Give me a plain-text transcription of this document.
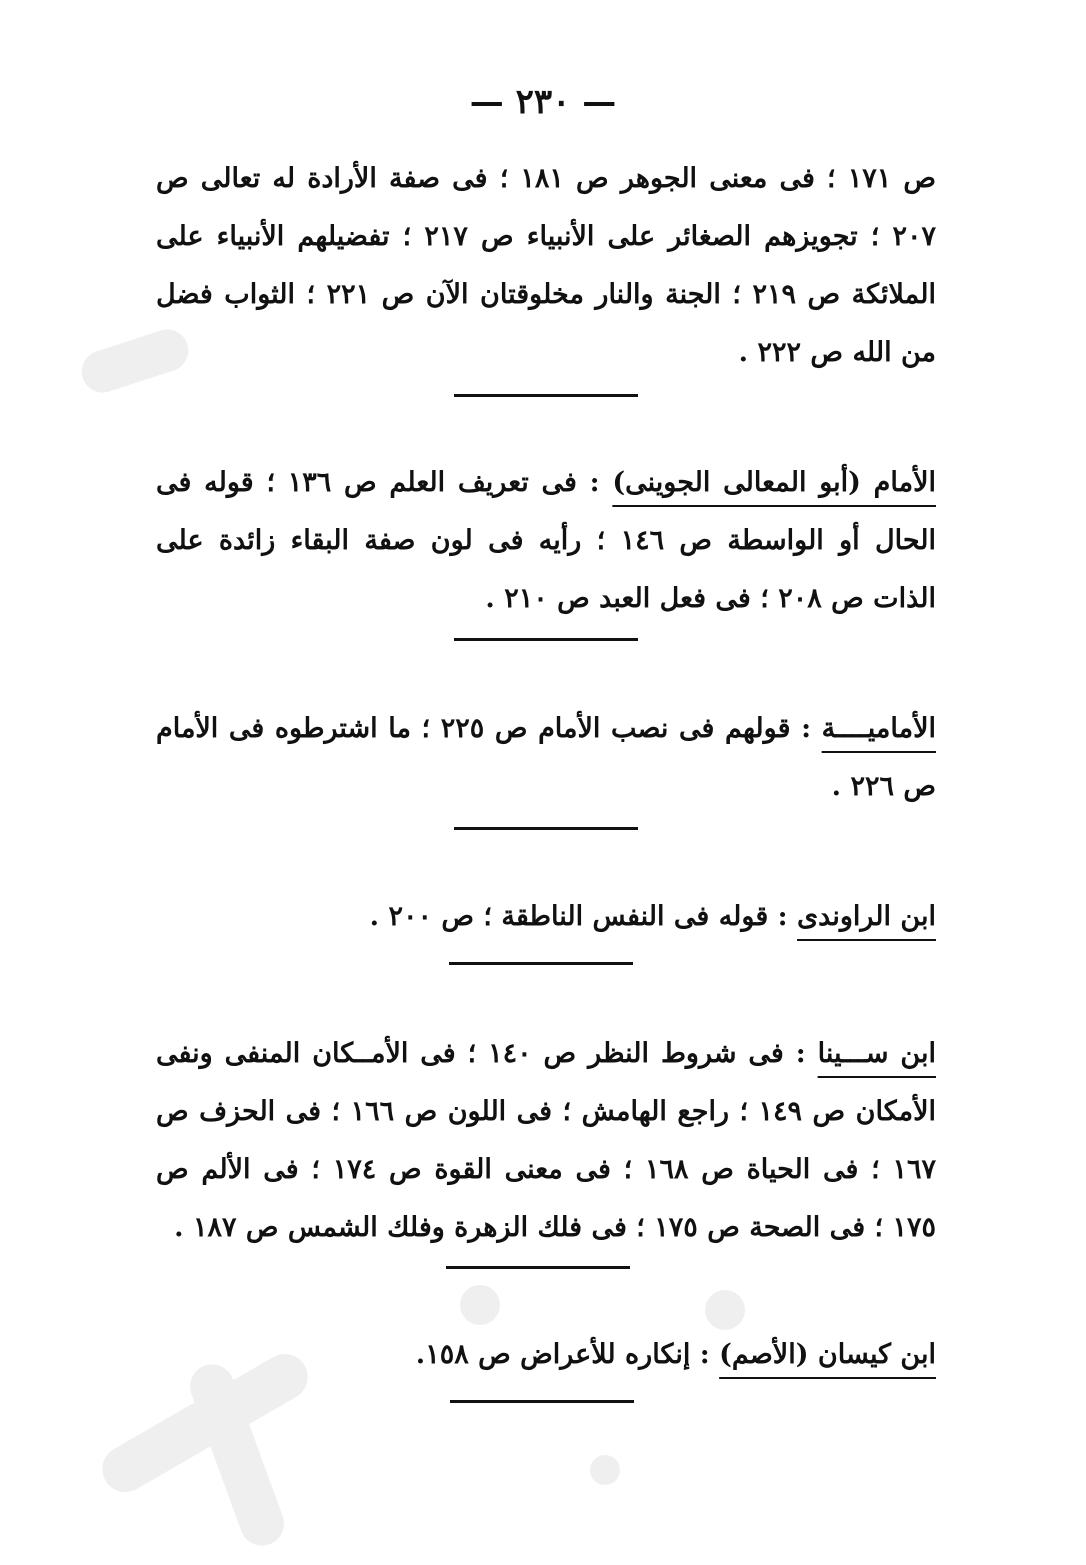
— ٢٣٠ —
ص ١٧١ ؛ فى معنى الجوهر ص ١٨١ ؛ فى صفة الأرادة له تعالى ص ٢٠٧ ؛ تجويزهم الصغائر على الأنبياء ص ٢١٧ ؛ تفضيلهم الأنبياء على الملائكة ص ٢١٩ ؛ الجنة والنار مخلوقتان الآن ص ٢٢١ ؛ الثواب فضل من الله ص ٢٢٢ .
الأمام (أبو المعالى الجوينى) : فى تعريف العلم ص ١٣٦ ؛ قوله فى الحال أو الواسطة ص ١٤٦ ؛ رأيه فى لون صفة البقاء زائدة على الذات ص ٢٠٨ ؛ فى فعل العبد ص ٢١٠ .
الأماميــــة : قولهم فى نصب الأمام ص ٢٢٥ ؛ ما اشترطوه فى الأمام ص ٢٢٦ .
ابن الراوندى : قوله فى النفس الناطقة ؛ ص ٢٠٠ .
ابن ســـينا : فى شروط النظر ص ١٤٠ ؛ فى الأمــكان المنفى ونفى الأمكان ص ١٤٩ ؛ راجع الهامش ؛ فى اللون ص ١٦٦ ؛ فى الحزف ص ١٦٧ ؛ فى الحياة ص ١٦٨ ؛ فى معنى القوة ص ١٧٤ ؛ فى الألم ص ١٧٥ ؛ فى الصحة ص ١٧٥ ؛ فى فلك الزهرة وفلك الشمس ص ١٨٧ .
ابن كيسان (الأصم) : إنكاره للأعراض ص ١٥٨.
